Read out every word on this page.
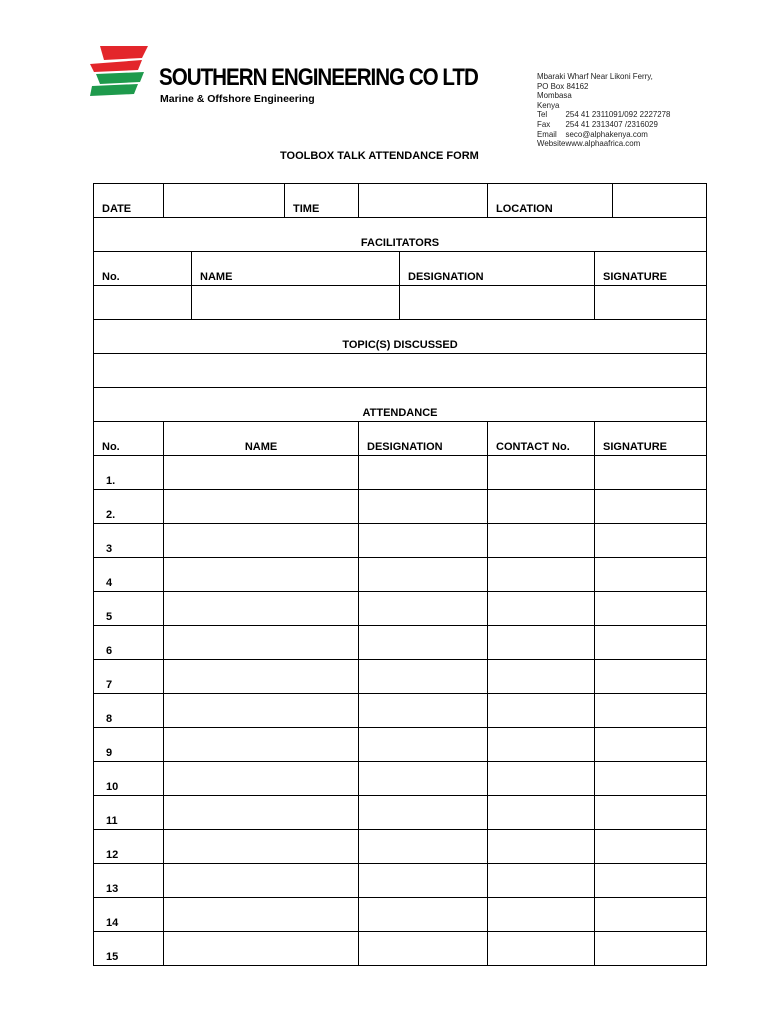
SOUTHERN ENGINEERING CO LTD
Marine & Offshore Engineering
Mbaraki Wharf Near Likoni Ferry,
PO Box 84162
Mombasa
Kenya
Tel	254 41 2311091/092 2227278
Fax	254 41 2313407 /2316029
Email	seco@alphakenya.com
Website www.alphaafrica.com
TOOLBOX TALK ATTENDANCE FORM
DATE			TIME			LOCATION		
FACILITATORS								
No.		NAME			DESIGNATION		SIGNATURE	

TOPIC(S) DISCUSSED								

ATTENDANCE								
No.	NAME			DESIGNATION		CONTACT No.	SIGNATURE	
1.								
2.								
3								
4								
5								
6								
7								
8								
9								
10								
11								
12								
13								
14								
15								
